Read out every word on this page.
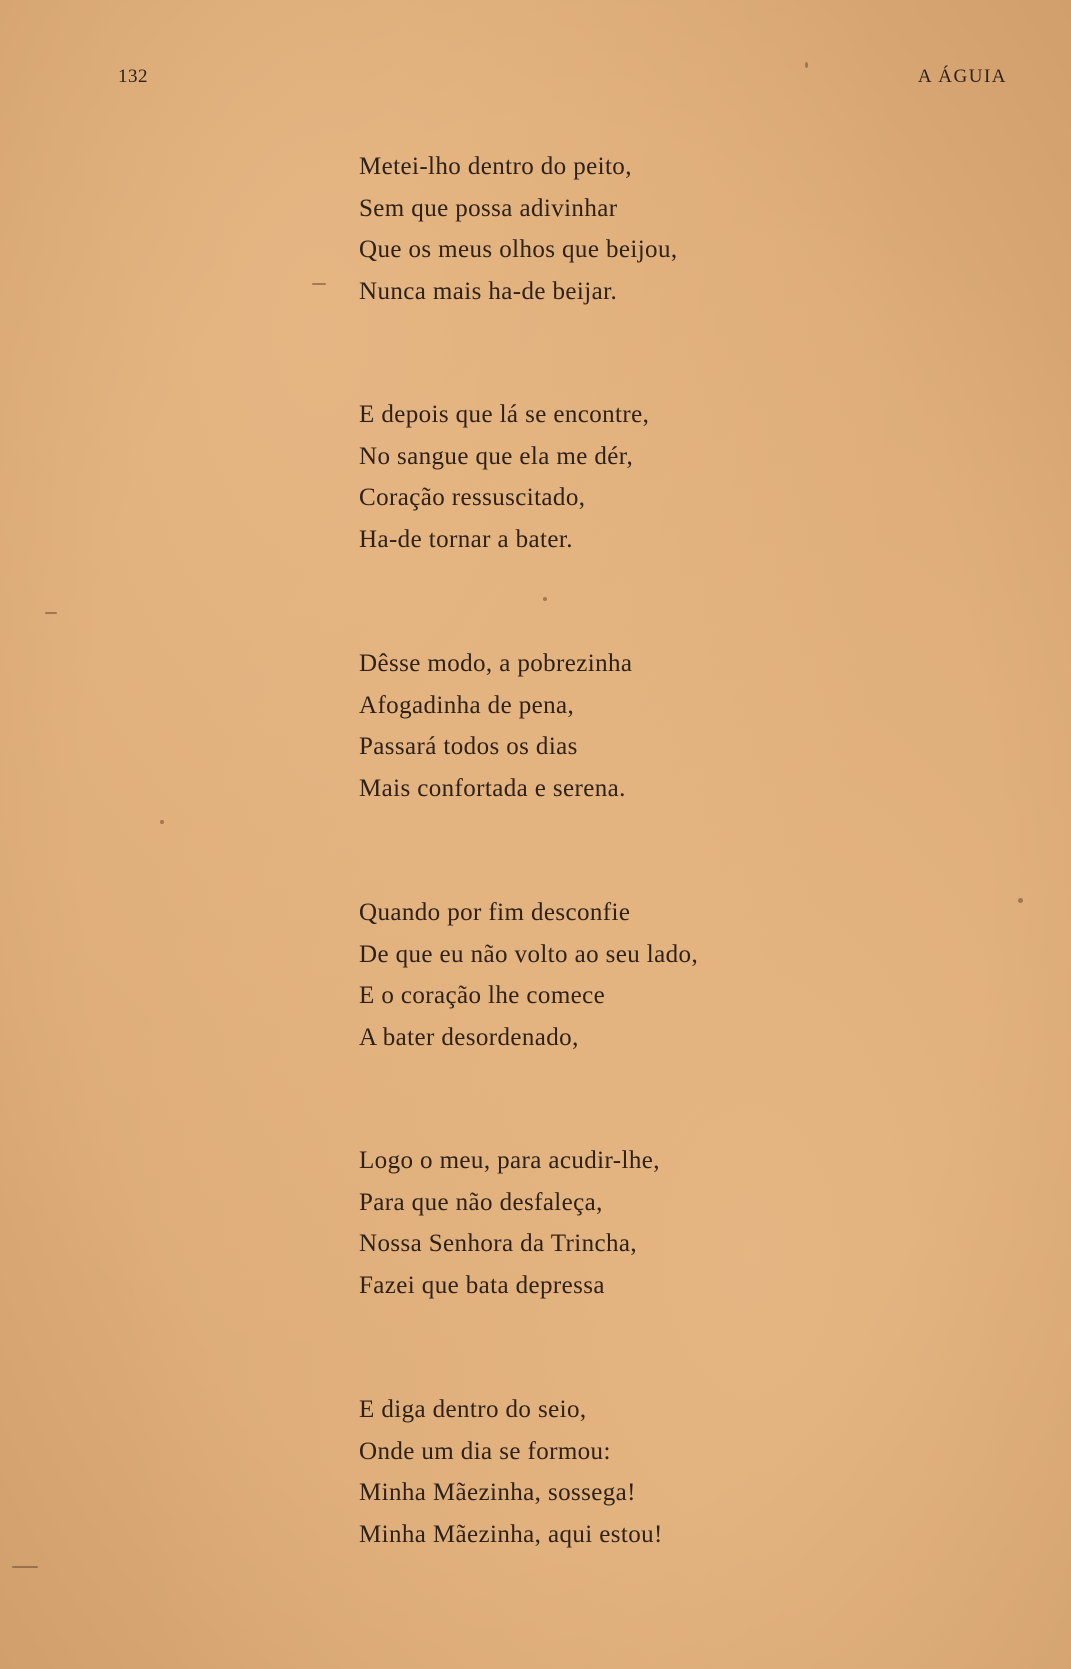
132	A ÁGUIA
Metei-lho dentro do peito,
Sem que possa adivinhar
Que os meus olhos que beijou,
Nunca mais ha-de beijar.
E depois que lá se encontre,
No sangue que ela me dér,
Coração ressuscitado,
Ha-de tornar a bater.
Dêsse modo, a pobrezinha
Afogadinha de pena,
Passará todos os dias
Mais confortada e serena.
Quando por fim desconfie
De que eu não volto ao seu lado,
E o coração lhe comece
A bater desordenado,
Logo o meu, para acudir-lhe,
Para que não desfaleça,
Nossa Senhora da Trincha,
Fazei que bata depressa
E diga dentro do seio,
Onde um dia se formou:
Minha Mãezinha, sossega!
Minha Mãezinha, aqui estou!
